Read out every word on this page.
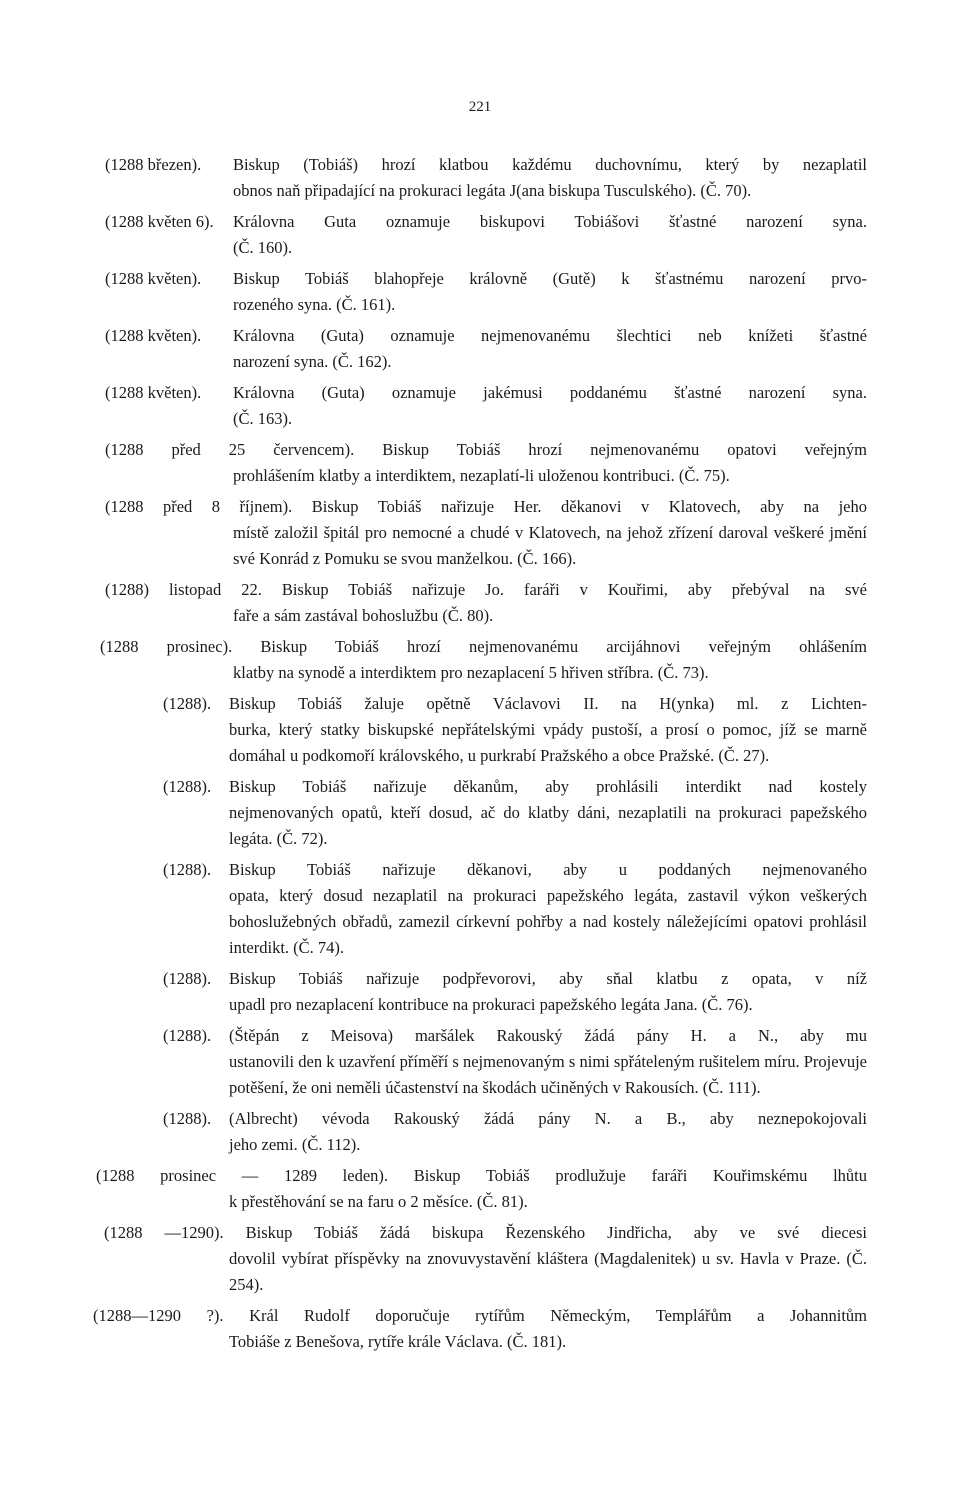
221
(1288 březen). Biskup (Tobiáš) hrozí klatbou každému duchovnímu, který by nezaplatil
obnos naň připadající na prokuraci legáta J(ana biskupa Tusculského). (Č. 70).
(1288 květen 6). Královna Guta oznamuje biskupovi Tobiášovi šťastné narození syna.
(Č. 160).
(1288 květen). Biskup Tobiáš blahopřeje královně (Gutě) k šťastnému narození prvo-
rozeného syna. (Č. 161).
(1288 květen). Královna (Guta) oznamuje nejmenovanému šlechtici neb knížeti šťastné
narození syna. (Č. 162).
(1288 květen). Královna (Guta) oznamuje jakémusi poddanému šťastné narození syna.
(Č. 163).
(1288 před 25 červencem). Biskup Tobiáš hrozí nejmenovanému opatovi veřejným
prohlášením klatby a interdiktem, nezaplatí-li uloženou kontribuci. (Č. 75).
(1288 před 8 říjnem). Biskup Tobiáš nařizuje Her. děkanovi v Klatovech, aby na jeho
místě založil špitál pro nemocné a chudé v Klatovech, na jehož zřízení daroval veškeré jmění své Konrád z Pomuku se svou manželkou. (Č. 166).
(1288) listopad 22. Biskup Tobiáš nařizuje Jo. faráři v Kouřimi, aby přebýval na své
faře a sám zastával bohoslužbu (Č. 80).
(1288 prosinec). Biskup Tobiáš hrozí nejmenovanému arcijáhnovi veřejným ohlášením
klatby na synodě a interdiktem pro nezaplacení 5 hřiven stříbra. (Č. 73).
(1288). Biskup Tobiáš žaluje opětně Václavovi II. na H(ynka) ml. z Lichten-
burka, který statky biskupské nepřátelskými vpády pustoší, a prosí o pomoc, jíž se marně domáhal u podkomoří královského, u purkrabí Pražského a obce Pražské. (Č. 27).
(1288). Biskup Tobiáš nařizuje děkanům, aby prohlásili interdikt nad kostely
nejmenovaných opatů, kteří dosud, ač do klatby dáni, nezaplatili na prokuraci papežského legáta. (Č. 72).
(1288). Biskup Tobiáš nařizuje děkanovi, aby u poddaných nejmenovaného
opata, který dosud nezaplatil na prokuraci papežského legáta, zastavil výkon veškerých bohoslužebných obřadů, zamezil církevní pohřby a nad kostely náležejícími opatovi prohlásil interdikt. (Č. 74).
(1288). Biskup Tobiáš nařizuje podpřevorovi, aby sňal klatbu z opata, v níž
upadl pro nezaplacení kontribuce na prokuraci papežského legáta Jana. (Č. 76).
(1288). (Štěpán z Meisova) maršálek Rakouský žádá pány H. a N., aby mu
ustanovili den k uzavření příměří s nejmenovaným s nimi spřáteleným rušitelem míru. Projevuje potěšení, že oni neměli účastenství na škodách učiněných v Rakousích. (Č. 111).
(1288). (Albrecht) vévoda Rakouský žádá pány N. a B., aby neznepokojovali
jeho zemi. (Č. 112).
(1288 prosinec — 1289 leden). Biskup Tobiáš prodlužuje faráři Kouřimskému lhůtu
k přestěhování se na faru o 2 měsíce. (Č. 81).
(1288 —1290). Biskup Tobiáš žádá biskupa Řezenského Jindřicha, aby ve své diecesi
dovolil vybírat příspěvky na znovuvystavění kláštera (Magdalenitek) u sv. Havla v Praze. (Č. 254).
(1288—1290 ?). Král Rudolf doporučuje rytířům Německým, Templářům a Johannitům
Tobiáše z Benešova, rytíře krále Václava. (Č. 181).
